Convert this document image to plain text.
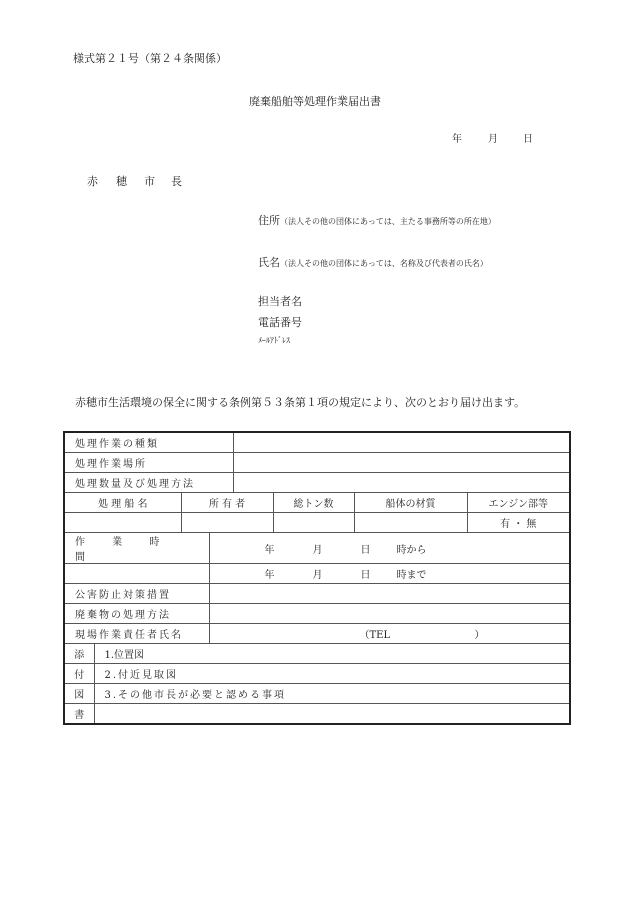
様式第２１号（第２４条関係）
廃棄船舶等処理作業届出書
年	月	日
赤 穂 市 長
住所（法人その他の団体にあっては、主たる事務所等の所在地）
氏名（法人その他の団体にあっては、名称及び代表者の氏名）
担当者名
電話番号
ﾒｰﾙｱﾄﾞﾚｽ
赤穂市生活環境の保全に関する条例第５３条第１項の規定により、次のとおり届け出ます。
処理作業の種類							
処理作業場所							
処理数量及び処理方法							
処 理 船 名		所 有 者			総トン数	船体の材質	エンジン部等
							有 ・ 無
作 業 時 間			年 月 日 時から				
			年 月 日 時まで				
公害防止対策措置							
廃棄物の処理方法							
現場作業責任者氏名			（TEL ）				
添	1.位置図						
付	2.付近見取図						
図	3.その他市長が必要と認める事項						
書							
